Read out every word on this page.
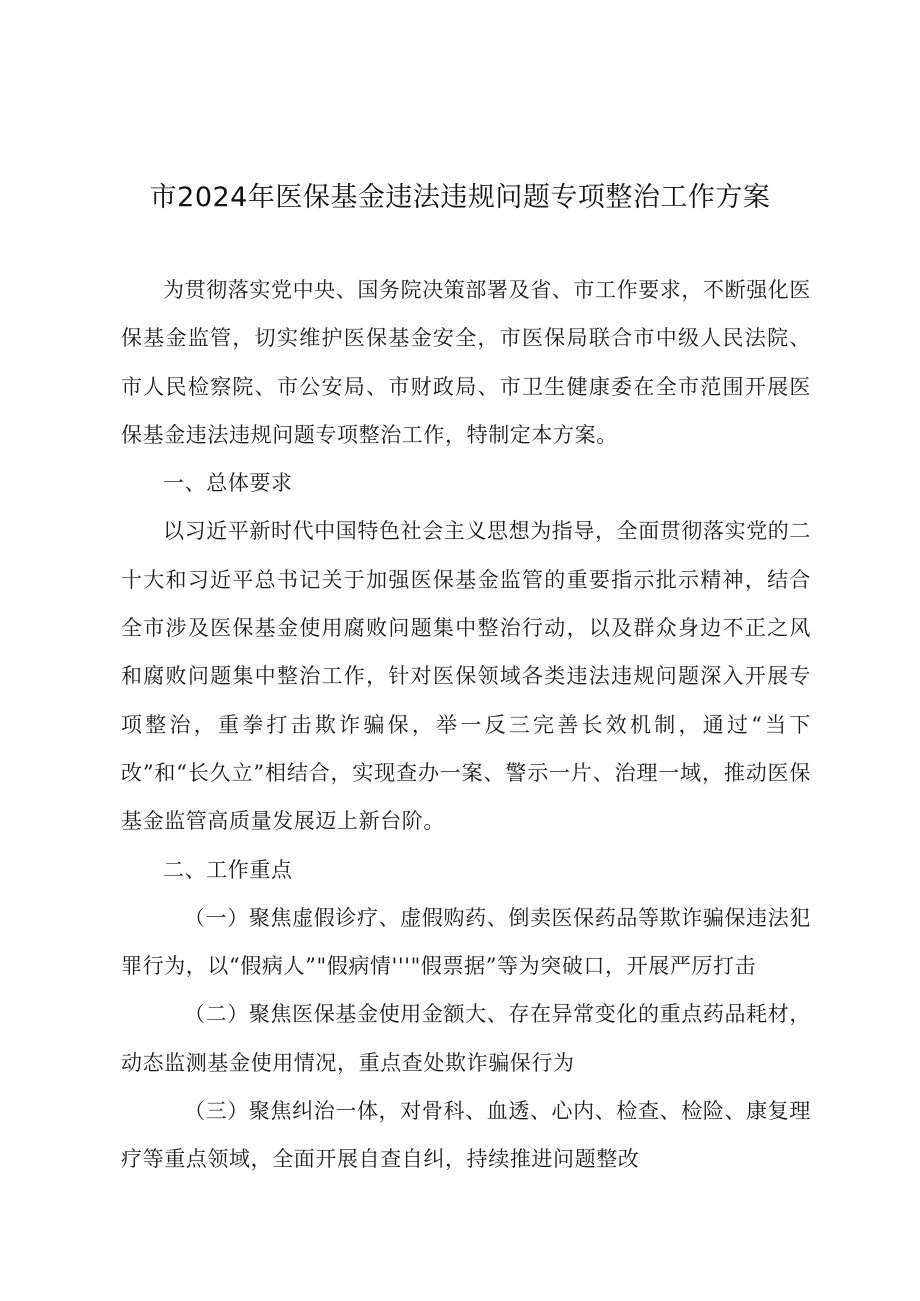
市2024年医保基金违法违规问题专项整治工作方案

为贯彻落实党中央、国务院决策部署及省、市工作要求，不断强化医保基金监管，切实维护医保基金安全，市医保局联合市中级人民法院、市人民检察院、市公安局、市财政局、市卫生健康委在全市范围开展医保基金违法违规问题专项整治工作，特制定本方案。

一、总体要求

以习近平新时代中国特色社会主义思想为指导，全面贯彻落实党的二十大和习近平总书记关于加强医保基金监管的重要指示批示精神，结合全市涉及医保基金使用腐败问题集中整治行动，以及群众身边不正之风和腐败问题集中整治工作，针对医保领域各类违法违规问题深入开展专项整治，重拳打击欺诈骗保，举一反三完善长效机制，通过“当下改”和“长久立”相结合，实现查办一案、警示一片、治理一域，推动医保基金监管高质量发展迈上新台阶。

二、工作重点

（一）聚焦虚假诊疗、虚假购药、倒卖医保药品等欺诈骗保违法犯罪行为，以“假病人”"假病情'''"假票据”等为突破口，开展严厉打击

（二）聚焦医保基金使用金额大、存在异常变化的重点药品耗材，动态监测基金使用情况，重点查处欺诈骗保行为

（三）聚焦纠治一体，对骨科、血透、心内、检查、检险、康复理疗等重点领域，全面开展自查自纠，持续推进问题整改
